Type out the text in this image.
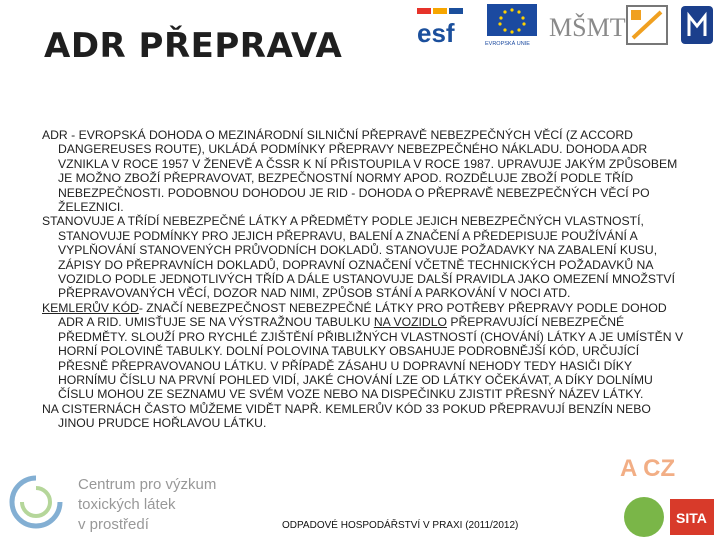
ADR PŘEPRAVA	esf	EVROPSKÁ UNIE
MŠMT
Centrum pro výzkum
toxických látek
v prostředí
A CZ
SITA

ADR - EVROPSKÁ DOHODA O MEZINÁRODNÍ SILNIČNÍ PŘEPRAVĚ NEBEZPEČNÝCH VĚCÍ (Z ACCORD DANGEREUSES ROUTE), UKLÁDÁ PODMÍNKY PŘEPRAVY NEBEZPEČNÉHO NÁKLADU. DOHODA ADR VZNIKLA V ROCE 1957 V ŽENEVĚ A ČSSR K NÍ PŘISTOUPILA V ROCE 1987. UPRAVUJE JAKÝM ZPŮSOBEM JE MOŽNO ZBOŽÍ PŘEPRAVOVAT, BEZPEČNOSTNÍ NORMY APOD. ROZDĚLUJE ZBOŽÍ PODLE TŘÍD NEBEZPEČNOSTI. PODOBNOU DOHODOU JE RID - DOHODA O PŘEPRAVĚ NEBEZPEČNÝCH VĚCÍ PO ŽELEZNICI.

STANOVUJE A TŘÍDÍ NEBEZPEČNÉ LÁTKY A PŘEDMĚTY PODLE JEJICH NEBEZPEČNÝCH VLASTNOSTÍ, STANOVUJE PODMÍNKY PRO JEJICH PŘEPRAVU, BALENÍ A ZNAČENÍ A PŘEDEPISUJE POUŽÍVÁNÍ A VYPLŇOVÁNÍ STANOVENÝCH PRŮVODNÍCH DOKLADŮ. STANOVUJE POŽADAVKY NA ZABALENÍ KUSU, ZÁPISY DO PŘEPRAVNÍCH DOKLADŮ, DOPRAVNÍ OZNAČENÍ VČETNĚ TECHNICKÝCH POŽADAVKŮ NA VOZIDLO PODLE JEDNOTLIVÝCH TŘÍD A DÁLE USTANOVUJE DALŠÍ PRAVIDLA JAKO OMEZENÍ MNOŽSTVÍ PŘEPRAVOVANÝCH VĚCÍ, DOZOR NAD NIMI, ZPŮSOB STÁNÍ A PARKOVÁNÍ V NOCI ATD.

KEMLERŮV KÓD- ZNAČÍ NEBEZPEČNOST NEBEZPEČNÉ LÁTKY PRO POTŘEBY PŘEPRAVY PODLE DOHOD ADR A RID. UMISŤUJE SE NA VÝSTRAŽNOU TABULKU NA VOZIDLO PŘEPRAVUJÍCÍ NEBEZPEČNÉ PŘEDMĚTY. SLOUŽÍ PRO RYCHLÉ ZJIŠTĚNÍ PŘIBLIŽNÝCH VLASTNOSTÍ (CHOVÁNÍ) LÁTKY A JE UMÍSTĚN V HORNÍ POLOVINĚ TABULKY. DOLNÍ POLOVINA TABULKY OBSAHUJE PODROBNĚJŠÍ KÓD, URČUJÍCÍ PŘESNĚ PŘEPRAVOVANOU LÁTKU. V PŘÍPADĚ ZÁSAHU U DOPRAVNÍ NEHODY TEDY HASIČI DÍKY HORNÍMU ČÍSLU NA PRVNÍ POHLED VIDÍ, JAKÉ CHOVÁNÍ LZE OD LÁTKY OČEKÁVAT, A DÍKY DOLNÍMU ČÍSLU MOHOU ZE SEZNAMU VE SVÉM VOZE NEBO NA DISPEČINKU ZJISTIT PŘESNÝ NÁZEV LÁTKY.

NA CISTERNÁCH ČASTO MŮŽEME VIDĚT NAPŘ. KEMLERŮV KÓD 33 POKUD PŘEPRAVUJÍ BENZÍN NEBO JINOU PRUDCE HOŘLAVOU LÁTKU.

ODPADOVÉ HOSPODÁŘSTVÍ V PRAXI (2011/2012)
